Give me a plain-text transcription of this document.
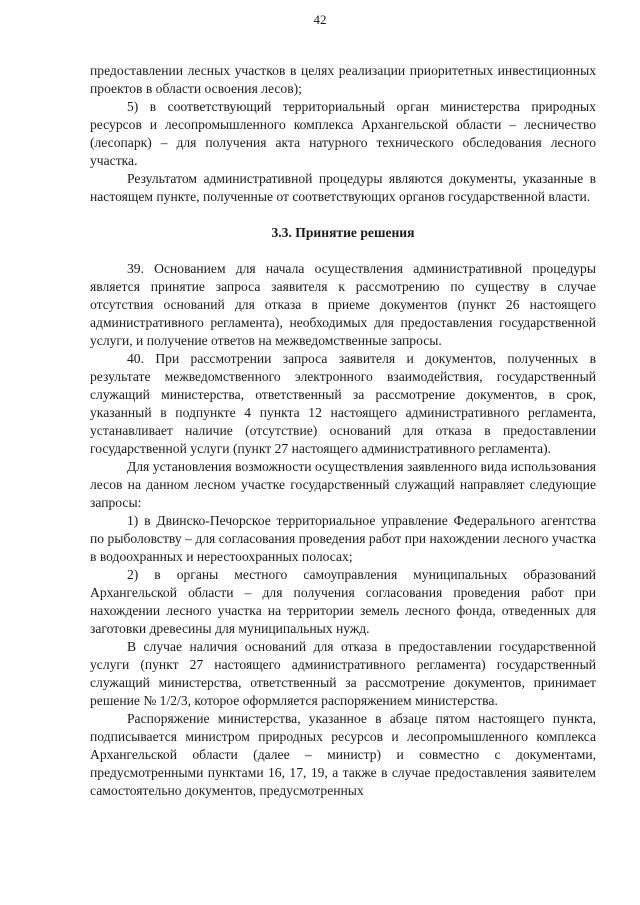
42

предоставлении лесных участков в целях реализации приоритетных инвестиционных проектов в области освоения лесов);

5) в соответствующий территориальный орган министерства природных ресурсов и лесопромышленного комплекса Архангельской области – лесничество (лесопарк) – для получения акта натурного технического обследования лесного участка.

Результатом административной процедуры являются документы, указанные в настоящем пункте, полученные от соответствующих органов государственной власти.

3.3. Принятие решения

39. Основанием для начала осуществления административной процедуры является принятие запроса заявителя к рассмотрению по существу в случае отсутствия оснований для отказа в приеме документов (пункт 26 настоящего административного регламента), необходимых для предоставления государственной услуги, и получение ответов на межведомственные запросы.

40. При рассмотрении запроса заявителя и документов, полученных в результате межведомственного электронного взаимодействия, государственный служащий министерства, ответственный за рассмотрение документов, в срок, указанный в подпункте 4 пункта 12 настоящего административного регламента, устанавливает наличие (отсутствие) оснований для отказа в предоставлении государственной услуги (пункт 27 настоящего административного регламента).

Для установления возможности осуществления заявленного вида использования лесов на данном лесном участке государственный служащий направляет следующие запросы:

1) в Двинско-Печорское территориальное управление Федерального агентства по рыболовству – для согласования проведения работ при нахождении лесного участка в водоохранных и нерестоохранных полосах;

2) в органы местного самоуправления муниципальных образований Архангельской области – для получения согласования проведения работ при нахождении лесного участка на территории земель лесного фонда, отведенных для заготовки древесины для муниципальных нужд.

В случае наличия оснований для отказа в предоставлении государственной услуги (пункт 27 настоящего административного регламента) государственный служащий министерства, ответственный за рассмотрение документов, принимает решение № 1/2/3, которое оформляется распоряжением министерства.

Распоряжение министерства, указанное в абзаце пятом настоящего пункта, подписывается министром природных ресурсов и лесопромышленного комплекса Архангельской области (далее – министр) и совместно с документами, предусмотренными пунктами 16, 17, 19, а также в случае предоставления заявителем самостоятельно документов, предусмотренных
